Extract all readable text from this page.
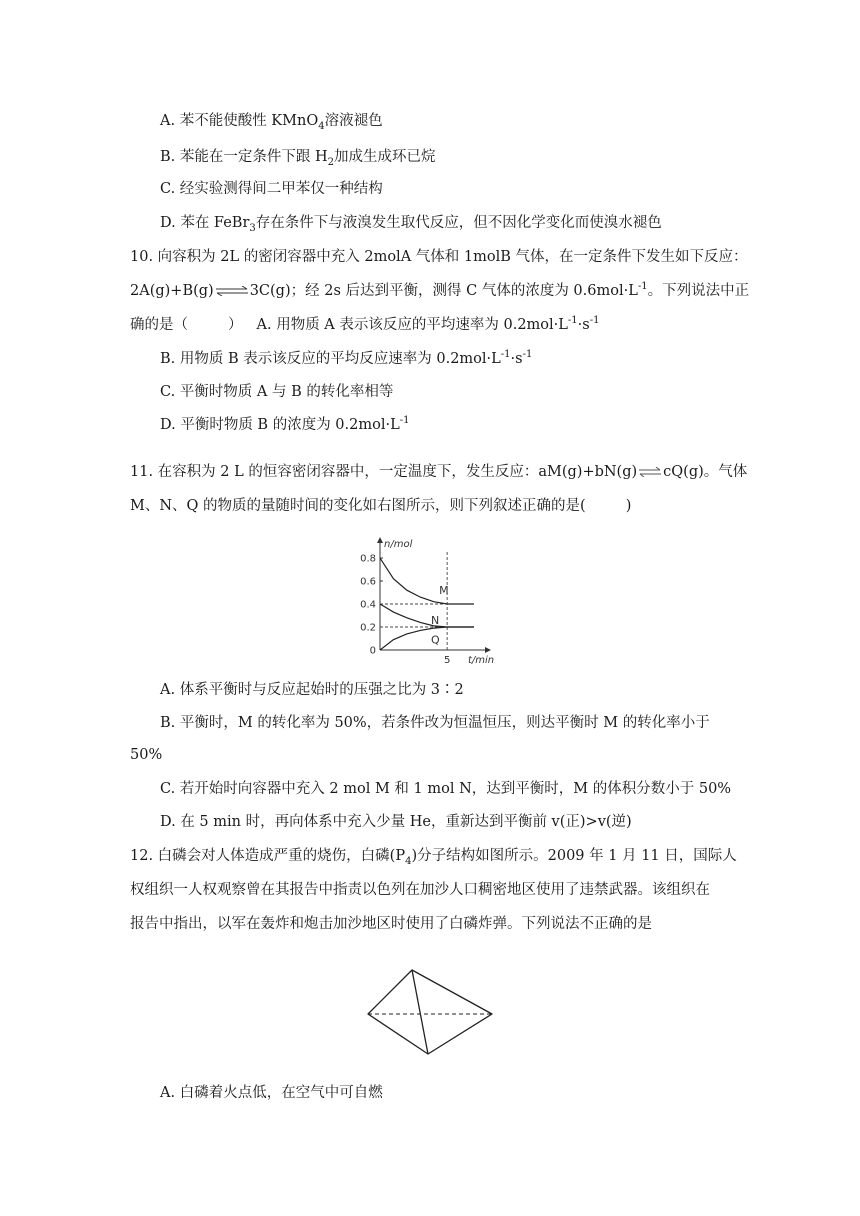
A. 苯不能使酸性 KMnO$_4$溶液褪色
B. 苯能在一定条件下跟 $H_2$加成生成环已烷
C. 经实验测得间二甲苯仅一种结构
D. 苯在 FeBr$_3$存在条件下与液溴发生取代反应，但不因化学变化而使溴水褪色
10. 向容积为 2L 的密闭容器中充入 2molA 气体和 1molB 气体，在一定条件下发生如下反应：
2A(g)+B(g)⇌3C(g)；经 2s 后达到平衡，测得 C 气体的浓度为 $0.6mol\cdot L^{-1}$。下列说法中正
确的是（	） A. 用物质 A 表示该反应的平均速率为 $0.2mol\cdot L^{-1}\cdot s^{-1}$
B. 用物质 B 表示该反应的平均反应速率为 $0.2mol\cdot L^{-1}\cdot s^{-1}$
C. 平衡时物质 A 与 B 的转化率相等
D. 平衡时物质 B 的浓度为 $0.2mol\cdot L^{-1}$
11. 在容积为 2 L 的恒容密闭容器中，一定温度下，发生反应：aM(g)+bN(g)⇌cQ(g)。气体
M、N、Q 的物质的量随时间的变化如右图所示，则下列叙述正确的是(	)
n/mol
t/min
0.8
0.6
0.4
0.2
0
5
M
N
Q
A. 体系平衡时与反应起始时的压强之比为 3∶2
B. 平衡时，M 的转化率为 50%，若条件改为恒温恒压，则达平衡时 M 的转化率小于
50%
C. 若开始时向容器中充入 2 mol M 和 1 mol N，达到平衡时，M 的体积分数小于 50%
D. 在 5 min 时，再向体系中充入少量 He，重新达到平衡前 v(正)>v(逆)
12. 白磷会对人体造成严重的烧伤，白磷$(P_4)$分子结构如图所示。2009 年 1 月 11 日，国际人
权组织一人权观察曾在其报告中指责以色列在加沙人口稠密地区使用了违禁武器。该组织在
报告中指出，以军在轰炸和炮击加沙地区时使用了白磷炸弹。下列说法不正确的是
A. 白磷着火点低，在空气中可自燃
